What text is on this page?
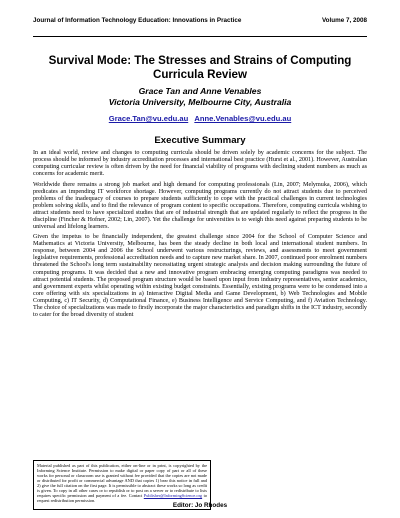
Journal of Information Technology Education: Innovations in Practice	Volume 7, 2008
Survival Mode: The Stresses and Strains of Computing Curricula Review
Grace Tan and Anne Venables
Victoria University, Melbourne City, Australia
Grace.Tan@vu.edu.au Anne.Venables@vu.edu.au
Executive Summary

In an ideal world, review and changes to computing curricula should be driven solely by academic concerns for the subject. The process should be informed by industry accreditation processes and international best practice (Hurst et al., 2001). However, Australian computing curricular review is often driven by the need for financial viability of programs with declining student numbers as much as concerns for academic merit.

Worldwide there remains a strong job market and high demand for computing professionals (Lin, 2007; Melymuka, 2006), which predicates an impending IT workforce shortage. However, computing programs currently do not attract students due to perceived problems of the inadequacy of courses to prepare students sufficiently to cope with the practical challenges in current technologies problem solving skills, and to find the relevance of program content to specific occupations. Therefore, computing curricula wishing to attract students need to have specialized studies that are of industrial strength that are updated regularly to reflect the progress in the discipline (Fincher & Hofner, 2002; Lin, 2007). Yet the challenge for universities is to weigh this need against preparing students to be universal and lifelong learners.

Given the impetus to be financially independent, the greatest challenge since 2004 for the School of Computer Science and Mathematics at Victoria University, Melbourne, has been the steady decline in both local and international student numbers. In response, between 2004 and 2006 the School underwent various restructurings, reviews, and assessments to meet government legislative requirements, professional accreditation needs and to capture new market share. In 2007, continued poor enrolment numbers threatened the School's long term sustainability necessitating urgent strategic analysis and decision making surrounding the future of computing programs. It was decided that a new and innovative program embracing emerging computing paradigms was needed to attract potential students. The proposed program structure would be based upon input from industry representatives, senior academics, and government experts whilst operating within existing budget constraints. Essentially, existing programs were to be condensed into a core offering with six specializations in a) Interactive Digital Media and Game Development, b) Web Technologies and Mobile Computing, c) IT Security, d) Computational Finance, e) Business Intelligence and Service Computing, and f) Aviation Technology. The choice of specializations was made to firstly incorporate the major characteristics and paradigm shifts in the ICT industry, secondly to cater for the broad diversity of student

Material published as part of this publication, either on-line or in print, is copyrighted by the Informing Science Institute. Permission to make digital or paper copy of part or all of these works for personal or classroom use is granted without fee provided that the copies are not made or distributed for profit or commercial advantage AND that copies 1) bear this notice in full and 2) give the full citation on the first page. It is permissible to abstract these works so long as credit is given. To copy in all other cases or to republish or to post on a server or to redistribute to lists requires specific permission and payment of a fee. Contact Publisher@InformingScience.org to request redistribution permission.
Editor: Jo Rhodes
